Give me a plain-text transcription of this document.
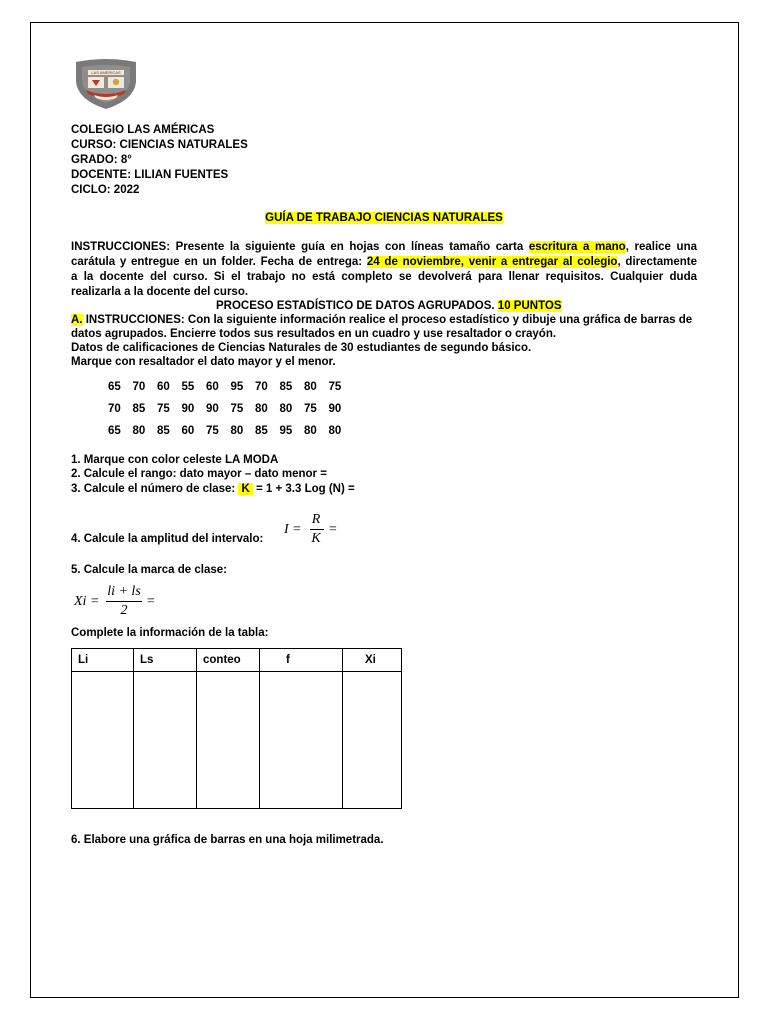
LAS AMÉRICAS
COLEGIO LAS AMÉRICAS
CURSO: CIENCIAS NATURALES
GRADO: 8°
DOCENTE: LILIAN FUENTES
CICLO: 2022
GUÍA DE TRABAJO CIENCIAS NATURALES
INSTRUCCIONES: Presente la siguiente guía en hojas con líneas tamaño carta escritura a mano, realice una
carátula y entregue en un folder. Fecha de entrega: 24 de noviembre, venir a entregar al colegio, directamente
a la docente del curso. Si el trabajo no está completo se devolverá para llenar requisitos. Cualquier duda
realizarla a la docente del curso.
PROCESO ESTADÍSTICO DE DATOS AGRUPADOS. 10 PUNTOS
A. INSTRUCCIONES: Con la siguiente información realice el proceso estadístico y dibuje una gráfica de barras de
datos agrupados. Encierre todos sus resultados en un cuadro y use resaltador o crayón.
Datos de calificaciones de Ciencias Naturales de 30 estudiantes de segundo básico.
Marque con resaltador el dato mayor y el menor.
65	70	60	55	60	95	70	85	80	75
70	85	75	90	90	75	80	80	75	90
65	80	85	60	75	80	85	95	80	80
1. Marque con color celeste LA MODA
2. Calcule el rango: dato mayor – dato menor =
3. Calcule el número de clase: K = 1 + 3.3 Log (N) =
4. Calcule la amplitud del intervalo:
I =
R
K
=
5. Calcule la marca de clase:
Xi =
li + ls
2
=
Complete la información de la tabla:
Li	Ls	conteo	f	Xi

6. Elabore una gráfica de barras en una hoja milimetrada.
